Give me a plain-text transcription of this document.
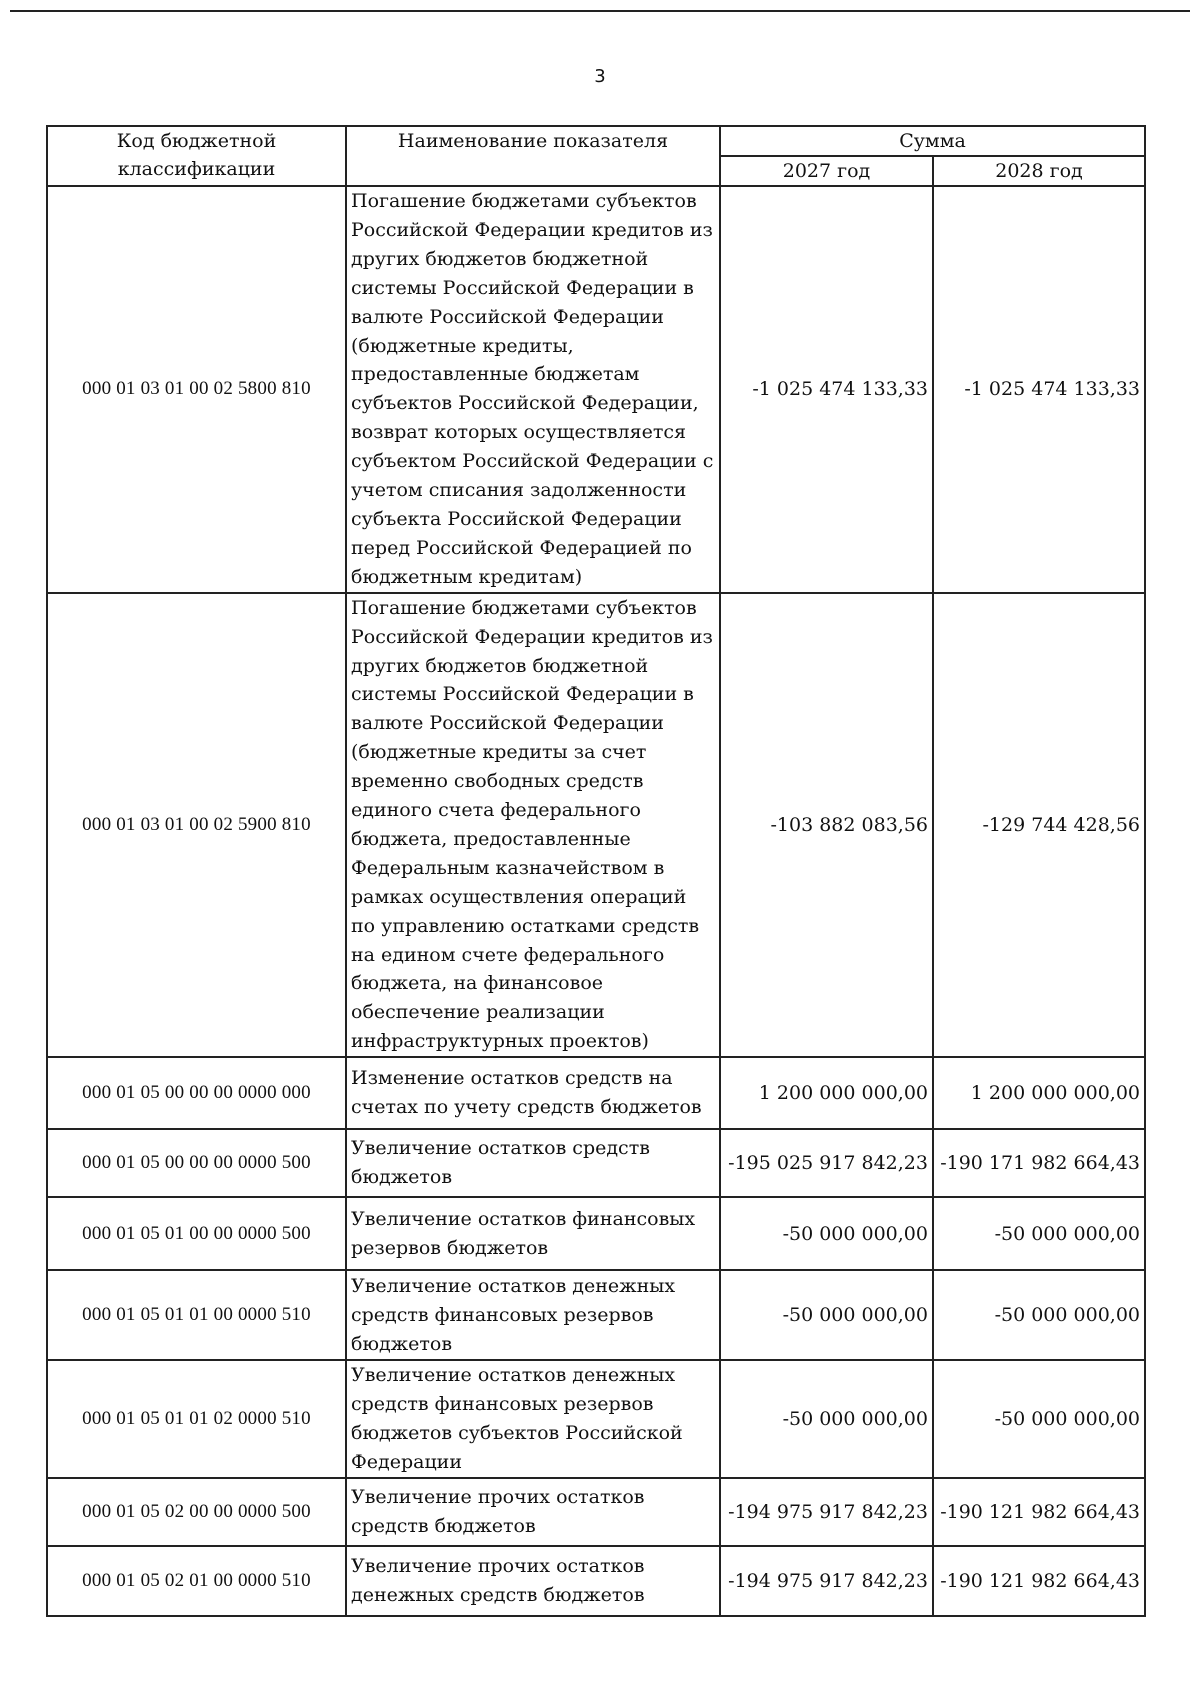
3
Код бюджетной классификации	Наименование показателя	Сумма	
		2027 год	2028 год
000 01 03 01 00 02 5800 810	Погашение бюджетами субъектов Российской Федерации кредитов из других бюджетов бюджетной системы Российской Федерации в валюте Российской Федерации (бюджетные кредиты, предоставленные бюджетам субъектов Российской Федерации, возврат которых осуществляется субъектом Российской Федерации с учетом списания задолженности субъекта Российской Федерации перед Российской Федерацией по бюджетным кредитам)	-1 025 474 133,33	-1 025 474 133,33
000 01 03 01 00 02 5900 810	Погашение бюджетами субъектов Российской Федерации кредитов из других бюджетов бюджетной системы Российской Федерации в валюте Российской Федерации (бюджетные кредиты за счет временно свободных средств единого счета федерального бюджета, предоставленные Федеральным казначейством в рамках осуществления операций по управлению остатками средств на едином счете федерального бюджета, на финансовое обеспечение реализации инфраструктурных проектов)	-103 882 083,56	-129 744 428,56
000 01 05 00 00 00 0000 000	Изменение остатков средств на счетах по учету средств бюджетов	1 200 000 000,00	1 200 000 000,00
000 01 05 00 00 00 0000 500	Увеличение остатков средств бюджетов	-195 025 917 842,23	-190 171 982 664,43
000 01 05 01 00 00 0000 500	Увеличение остатков финансовых резервов бюджетов	-50 000 000,00	-50 000 000,00
000 01 05 01 01 00 0000 510	Увеличение остатков денежных средств финансовых резервов бюджетов	-50 000 000,00	-50 000 000,00
000 01 05 01 01 02 0000 510	Увеличение остатков денежных средств финансовых резервов бюджетов субъектов Российской Федерации	-50 000 000,00	-50 000 000,00
000 01 05 02 00 00 0000 500	Увеличение прочих остатков средств бюджетов	-194 975 917 842,23	-190 121 982 664,43
000 01 05 02 01 00 0000 510	Увеличение прочих остатков денежных средств бюджетов	-194 975 917 842,23	-190 121 982 664,43
